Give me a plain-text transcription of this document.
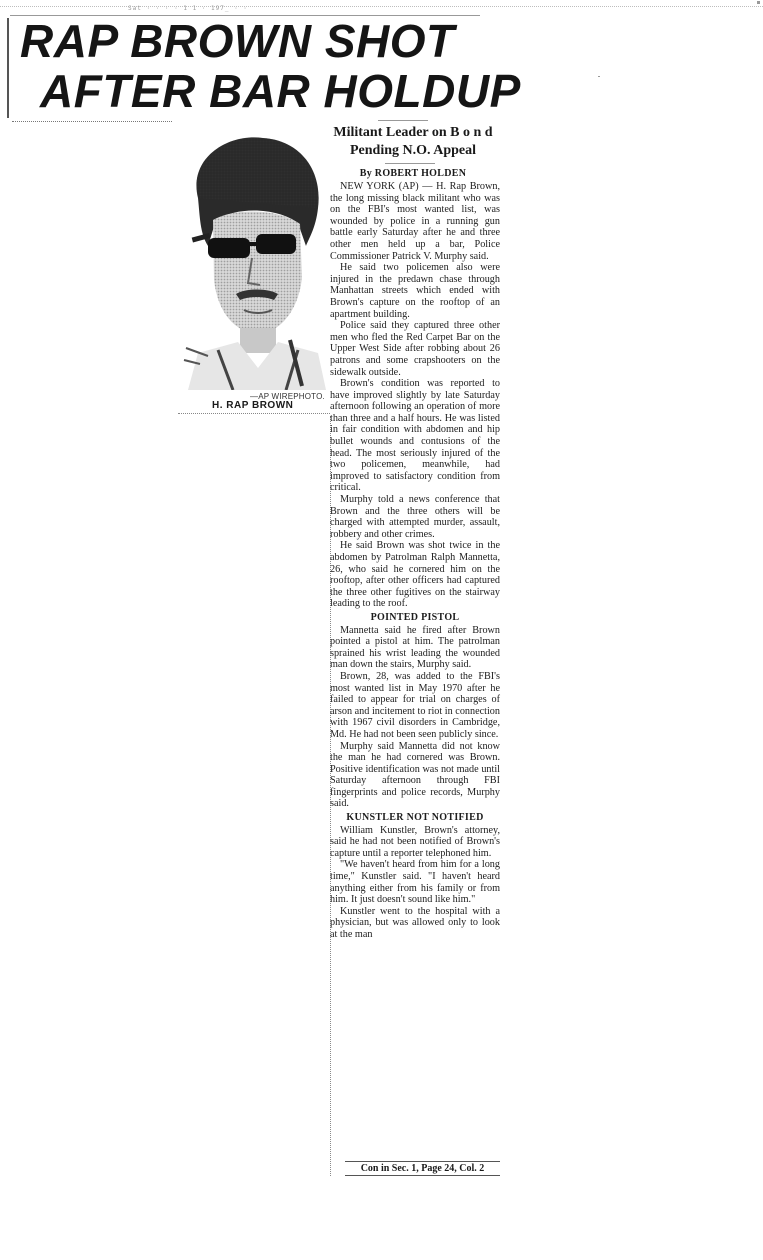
Sat · · · · 1 1 · 197_ · ·
RAP BROWN SHOT
AFTER BAR HOLDUP
—AP WIREPHOTO.
H. RAP BROWN
Militant Leader on B o n d
Pending N.O. Appeal
By ROBERT HOLDEN

NEW YORK (AP) — H. Rap Brown, the long missing black militant who was on the FBI's most wanted list, was wounded by police in a running gun battle early Saturday after he and three other men held up a bar, Police Commissioner Patrick V. Murphy said.

He said two policemen also were injured in the predawn chase through Manhattan streets which ended with Brown's capture on the rooftop of an apartment building.

Police said they captured three other men who fled the Red Carpet Bar on the Upper West Side after robbing about 26 patrons and some crapshooters on the sidewalk outside.

Brown's condition was reported to have improved slightly by late Saturday afternoon following an operation of more than three and a half hours. He was listed in fair condition with abdomen and hip bullet wounds and contusions of the head. The most seriously injured of the two policemen, meanwhile, had improved to satisfactory condition from critical.

Murphy told a news conference that Brown and the three others will be charged with attempted murder, assault, robbery and other crimes.

He said Brown was shot twice in the abdomen by Patrolman Ralph Mannetta, 26, who said he cornered him on the rooftop, after other officers had captured the three other fugitives on the stairway leading to the roof.

POINTED PISTOL

Mannetta said he fired after Brown pointed a pistol at him. The patrolman sprained his wrist leading the wounded man down the stairs, Murphy said.

Brown, 28, was added to the FBI's most wanted list in May 1970 after he failed to appear for trial on charges of arson and incitement to riot in connection with 1967 civil disorders in Cambridge, Md. He had not been seen publicly since.

Murphy said Mannetta did not know the man he had cornered was Brown. Positive identification was not made until Saturday afternoon through FBI fingerprints and police records, Murphy said.

KUNSTLER NOT NOTIFIED

William Kunstler, Brown's attorney, said he had not been notified of Brown's capture until a reporter telephoned him.

"We haven't heard from him for a long time," Kunstler said. "I haven't heard anything either from his family or from him. It just doesn't sound like him."

Kunstler went to the hospital with a physician, but was allowed only to look at the man

Con in Sec. 1, Page 24, Col. 2
